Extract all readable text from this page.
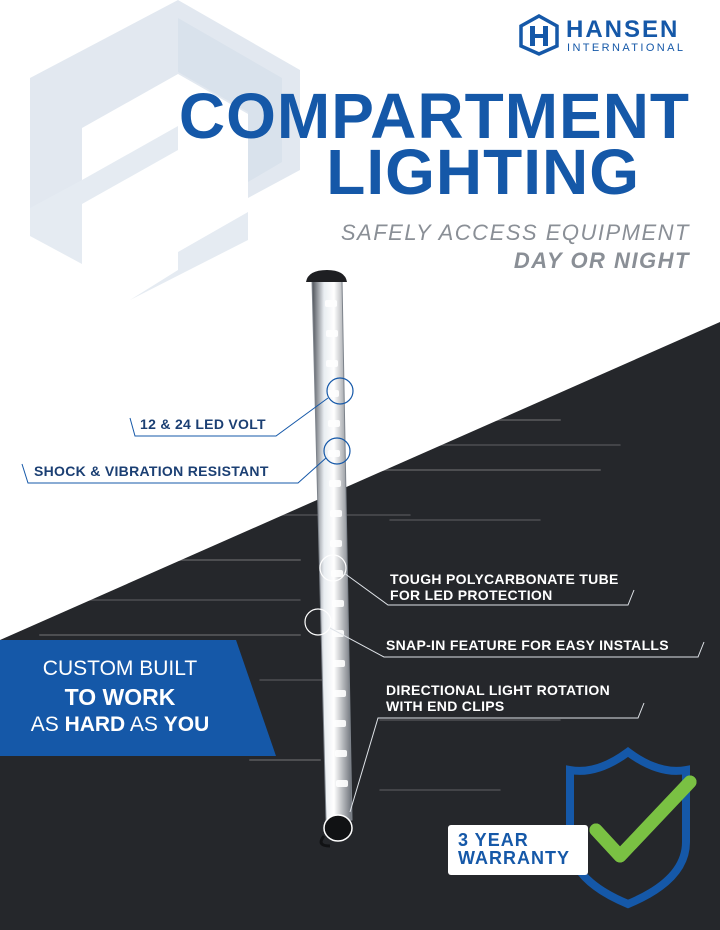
HANSEN
INTERNATIONAL
COMPARTMENT
LIGHTING
SAFELY ACCESS EQUIPMENT
DAY OR NIGHT
12 & 24 LED VOLT
SHOCK & VIBRATION RESISTANT
TOUGH POLYCARBONATE TUBE
FOR LED PROTECTION
SNAP-IN FEATURE FOR EASY INSTALLS
DIRECTIONAL LIGHT ROTATION
WITH END CLIPS
CUSTOM BUILT
TO WORK
AS HARD AS YOU
3 YEAR
WARRANTY
